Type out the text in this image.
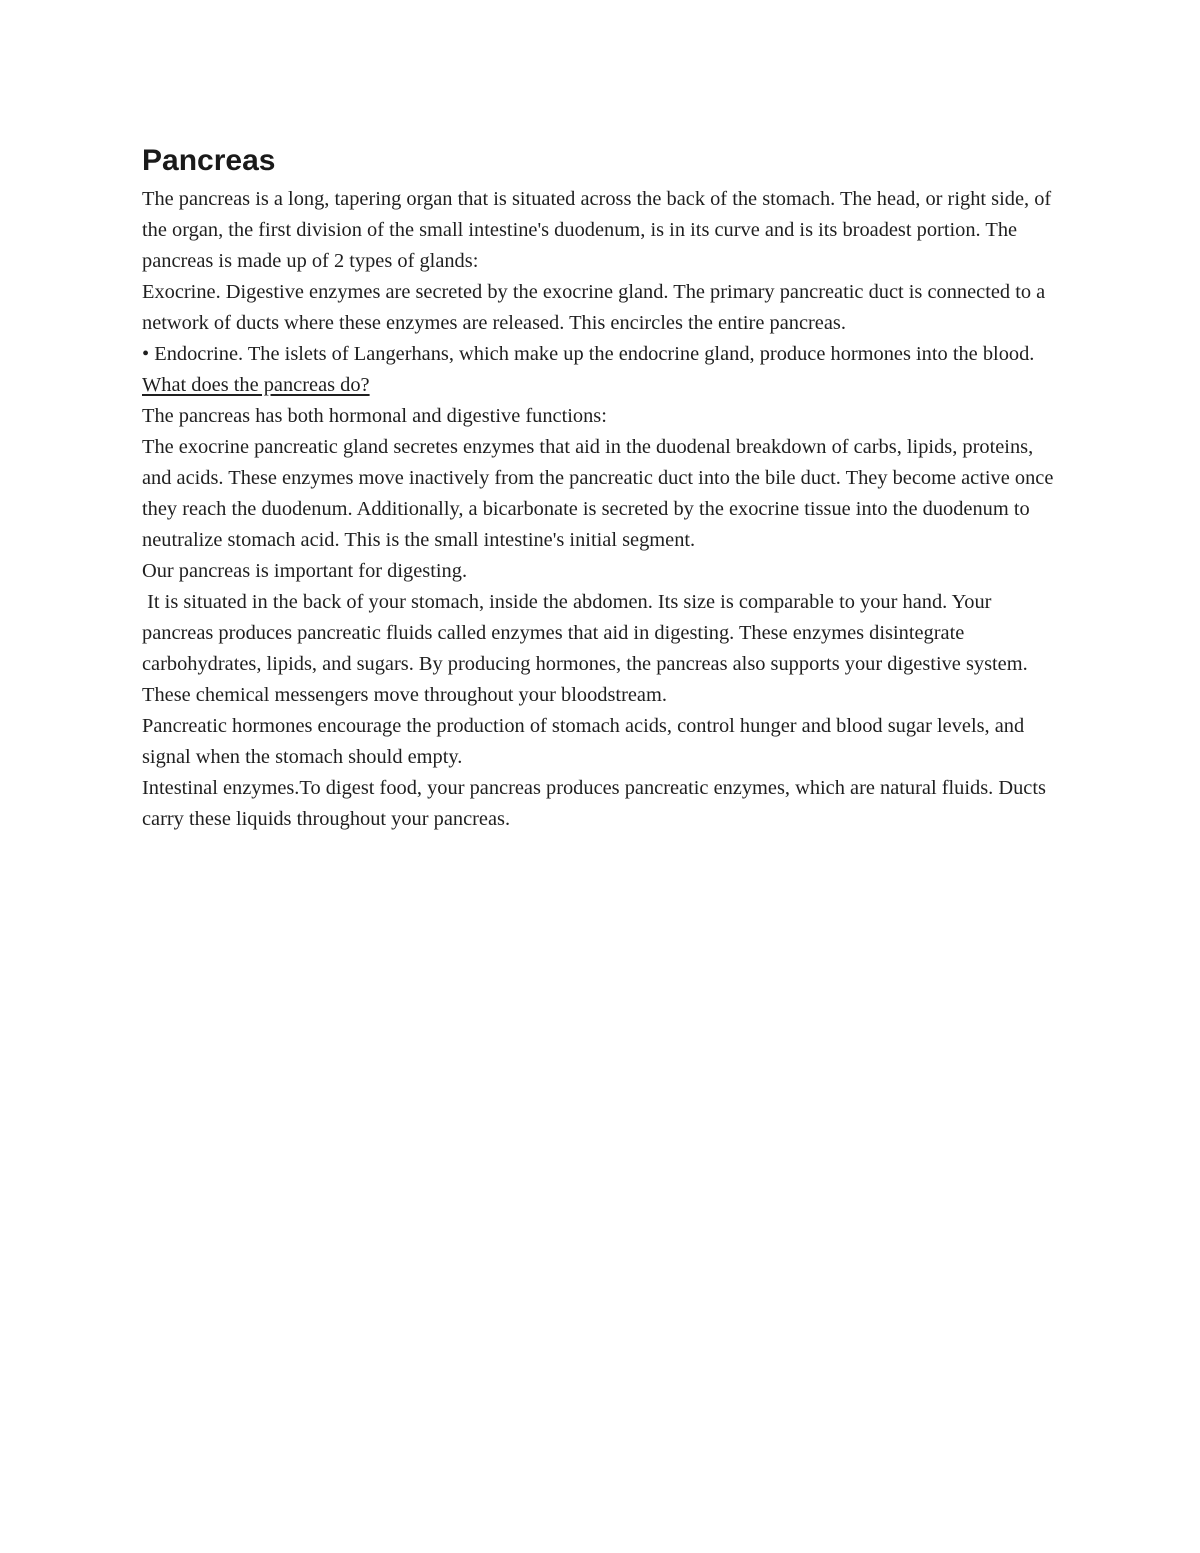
Pancreas

The pancreas is a long, tapering organ that is situated across the back of the stomach. The head, or right side, of the organ, the first division of the small intestine's duodenum, is in its curve and is its broadest portion. The pancreas is made up of 2 types of glands:

Exocrine. Digestive enzymes are secreted by the exocrine gland. The primary pancreatic duct is connected to a network of ducts where these enzymes are released. This encircles the entire pancreas.

• Endocrine. The islets of Langerhans, which make up the endocrine gland, produce hormones into the blood.

What does the pancreas do?

The pancreas has both hormonal and digestive functions:

The exocrine pancreatic gland secretes enzymes that aid in the duodenal breakdown of carbs, lipids, proteins, and acids. These enzymes move inactively from the pancreatic duct into the bile duct. They become active once they reach the duodenum. Additionally, a bicarbonate is secreted by the exocrine tissue into the duodenum to neutralize stomach acid. This is the small intestine's initial segment.

Our pancreas is important for digesting.

It is situated in the back of your stomach, inside the abdomen. Its size is comparable to your hand. Your pancreas produces pancreatic fluids called enzymes that aid in digesting. These enzymes disintegrate carbohydrates, lipids, and sugars. By producing hormones, the pancreas also supports your digestive system. These chemical messengers move throughout your bloodstream.

Pancreatic hormones encourage the production of stomach acids, control hunger and blood sugar levels, and signal when the stomach should empty.

Intestinal enzymes.To digest food, your pancreas produces pancreatic enzymes, which are natural fluids. Ducts carry these liquids throughout your pancreas.
